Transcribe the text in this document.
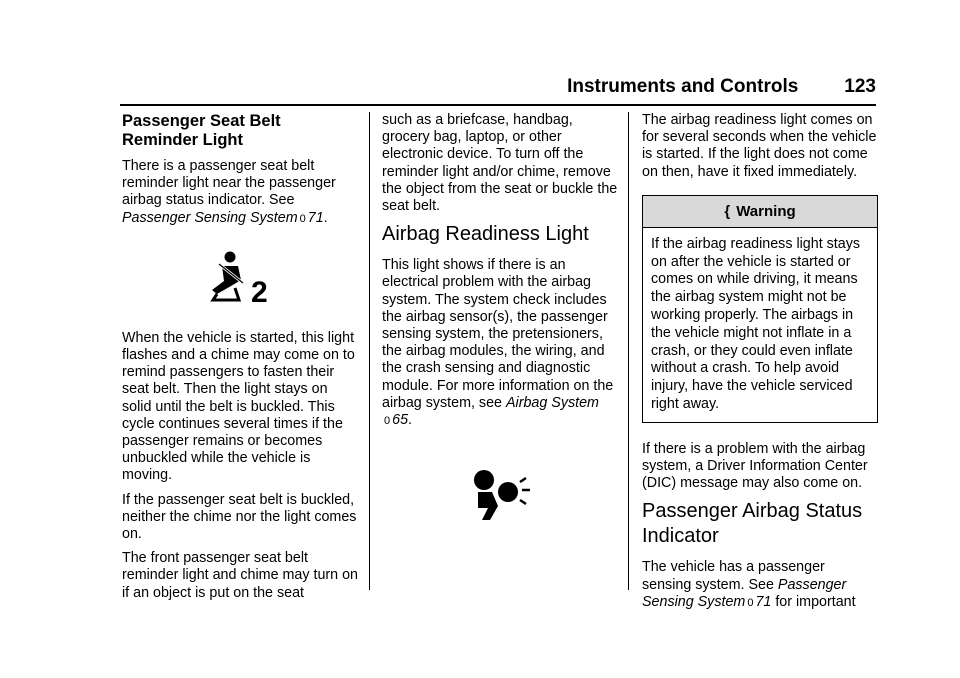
Instruments and Controls 123
Passenger Seat Belt Reminder Light

There is a passenger seat belt reminder light near the passenger airbag status indicator. See Passenger Sensing System 0 71.

2

When the vehicle is started, this light flashes and a chime may come on to remind passengers to fasten their seat belt. Then the light stays on solid until the belt is buckled. This cycle continues several times if the passenger remains or becomes unbuckled while the vehicle is moving.

If the passenger seat belt is buckled, neither the chime nor the light comes on.

The front passenger seat belt reminder light and chime may turn on if an object is put on the seat

such as a briefcase, handbag, grocery bag, laptop, or other electronic device. To turn off the reminder light and/or chime, remove the object from the seat or buckle the seat belt.

Airbag Readiness Light

This light shows if there is an electrical problem with the airbag system. The system check includes the airbag sensor(s), the passenger sensing system, the pretensioners, the airbag modules, the wiring, and the crash sensing and diagnostic module. For more information on the airbag system, see Airbag System
0 65.

The airbag readiness light comes on for several seconds when the vehicle is started. If the light does not come on then, have it fixed immediately.

{ Warning
If the airbag readiness light stays on after the vehicle is started or comes on while driving, it means the airbag system might not be working properly. The airbags in the vehicle might not inflate in a crash, or they could even inflate without a crash. To help avoid injury, have the vehicle serviced right away.

If there is a problem with the airbag system, a Driver Information Center (DIC) message may also come on.

Passenger Airbag Status Indicator

The vehicle has a passenger sensing system. See Passenger Sensing System 0 71 for important
